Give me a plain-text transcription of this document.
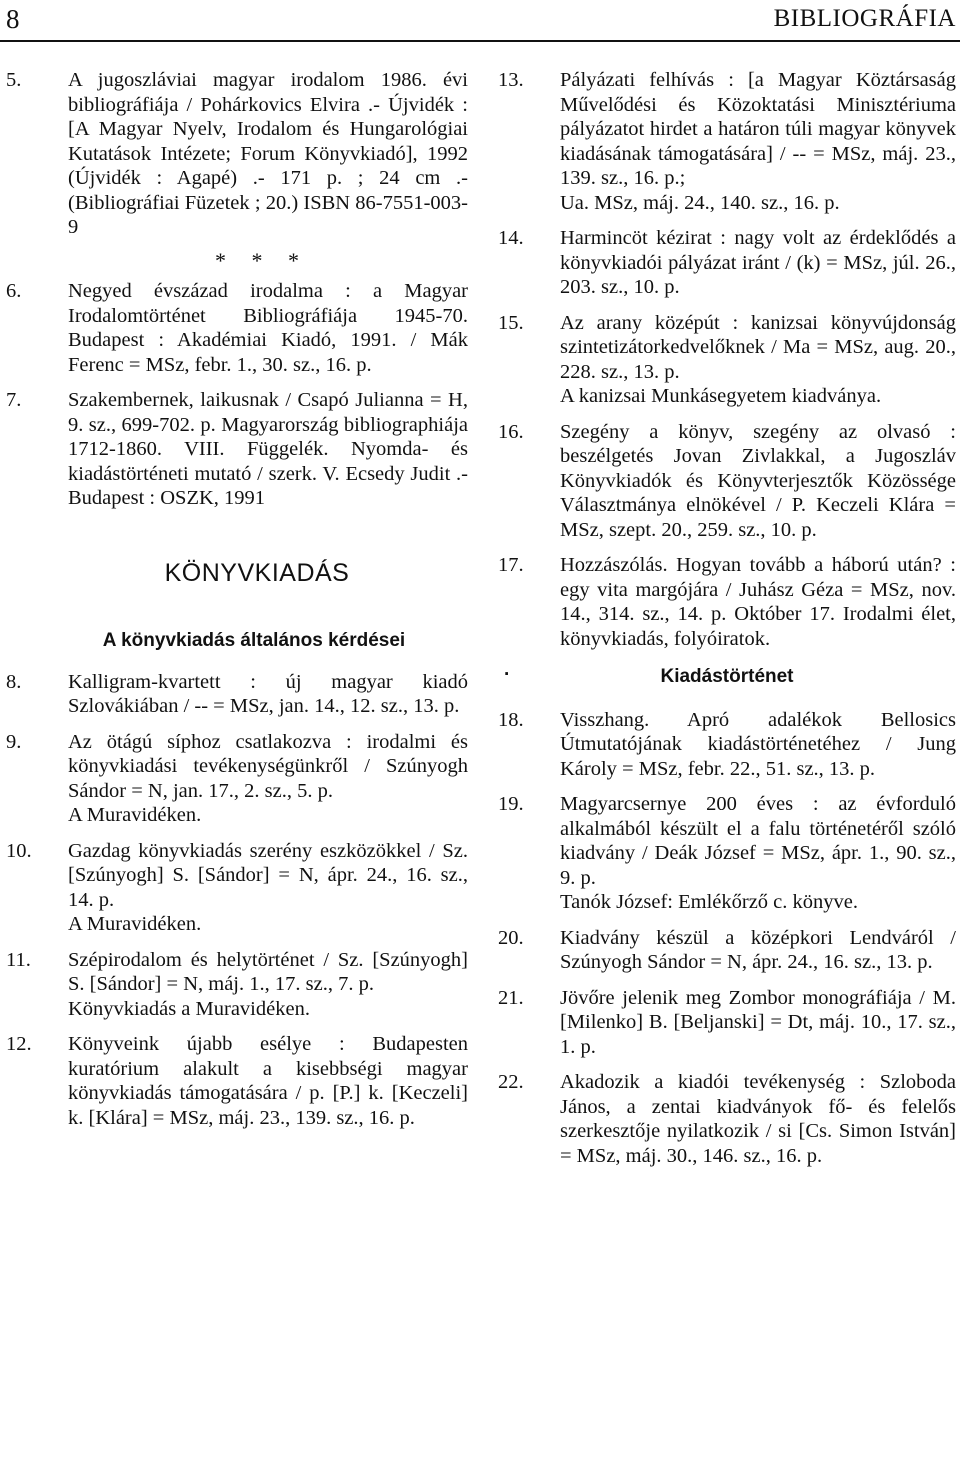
8	BIBLIOGRÁFIA
5.	A jugoszláviai magyar irodalom 1986. évi bibliográfiája / Pohárkovics Elvira .- Újvidék : [A Magyar Nyelv, Irodalom és Hungarológiai Kutatások Intézete; Forum Könyvkiadó], 1992 (Újvidék : Agapé) .- 171 p. ; 24 cm .- (Bibliográfiai Füzetek ; 20.) ISBN 86-7551-003-9
* * *
6.	Negyed évszázad irodalma : a Magyar Irodalomtörténet Bibliográfiája 1945-70. Budapest : Akadémiai Kiadó, 1991. / Mák Ferenc = MSz, febr. 1., 30. sz., 16. p.
7.	Szakembernek, laikusnak / Csapó Julianna = H, 9. sz., 699-702. p. Magyarország bibliographiája 1712-1860. VIII. Függelék. Nyomda- és kiadástörténeti mutató / szerk. V. Ecsedy Judit .- Budapest : OSZK, 1991
KÖNYVKIADÁS
A könyvkiadás általános kérdései
8.	Kalligram-kvartett : új magyar kiadó Szlovákiában / -- = MSz, jan. 14., 12. sz., 13. p.
9.	Az ötágú síphoz csatlakozva : irodalmi és könyvkiadási tevékenységünkről / Szúnyogh Sándor = N, jan. 17., 2. sz., 5. p.
A Muravidéken.
10.	Gazdag könyvkiadás szerény eszközökkel / Sz. [Szúnyogh] S. [Sándor] = N, ápr. 24., 16. sz., 14. p.
A Muravidéken.
11.	Szépirodalom és helytörténet / Sz. [Szúnyogh] S. [Sándor] = N, máj. 1., 17. sz., 7. p.
Könyvkiadás a Muravidéken.
12.	Könyveink újabb esélye : Budapesten kuratórium alakult a kisebbségi magyar könyvkiadás támogatására / p. [P.] k. [Keczeli] k. [Klára] = MSz, máj. 23., 139. sz., 16. p.
13.	Pályázati felhívás : [a Magyar Köztársaság Művelődési és Közoktatási Minisztériuma pályázatot hirdet a határon túli magyar könyvek kiadásának támogatására] / -- = MSz, máj. 23., 139. sz., 16. p.;
Ua. MSz, máj. 24., 140. sz., 16. p.
14.	Harmincöt kézirat : nagy volt az érdeklődés a könyvkiadói pályázat iránt / (k) = MSz, júl. 26., 203. sz., 10. p.
15.	Az arany középút : kanizsai könyvújdonság szintetizátorkedvelőknek / Ma = MSz, aug. 20., 228. sz., 13. p.
A kanizsai Munkásegyetem kiadványa.
16.	Szegény a könyv, szegény az olvasó : beszélgetés Jovan Zivlakkal, a Jugoszláv Könyvkiadók és Könyvterjesztők Közössége Választmánya elnökével / P. Keczeli Klára = MSz, szept. 20., 259. sz., 10. p.
17.	Hozzászólás. Hogyan tovább a háború után? : egy vita margójára / Juhász Géza = MSz, nov. 14., 314. sz., 14. p. Október 17. Irodalmi élet, könyvkiadás, folyóiratok.
·	Kiadástörténet
18.	Visszhang. Apró adalékok Bellosics Útmutatójának kiadástörténetéhez / Jung Károly = MSz, febr. 22., 51. sz., 13. p.
19.	Magyarcsernye 200 éves : az évforduló alkalmából készült el a falu történetéről szóló kiadvány / Deák József = MSz, ápr. 1., 90. sz., 9. p.
Tanók József: Emlékőrző c. könyve.
20.	Kiadvány készül a középkori Lendváról / Szúnyogh Sándor = N, ápr. 24., 16. sz., 13. p.
21.	Jövőre jelenik meg Zombor monográfiája / M. [Milenko] B. [Beljanski] = Dt, máj. 10., 17. sz., 1. p.
22.	Akadozik a kiadói tevékenység : Szloboda János, a zentai kiadványok fő- és felelős szerkesztője nyilatkozik / si [Cs. Simon István] = MSz, máj. 30., 146. sz., 16. p.
